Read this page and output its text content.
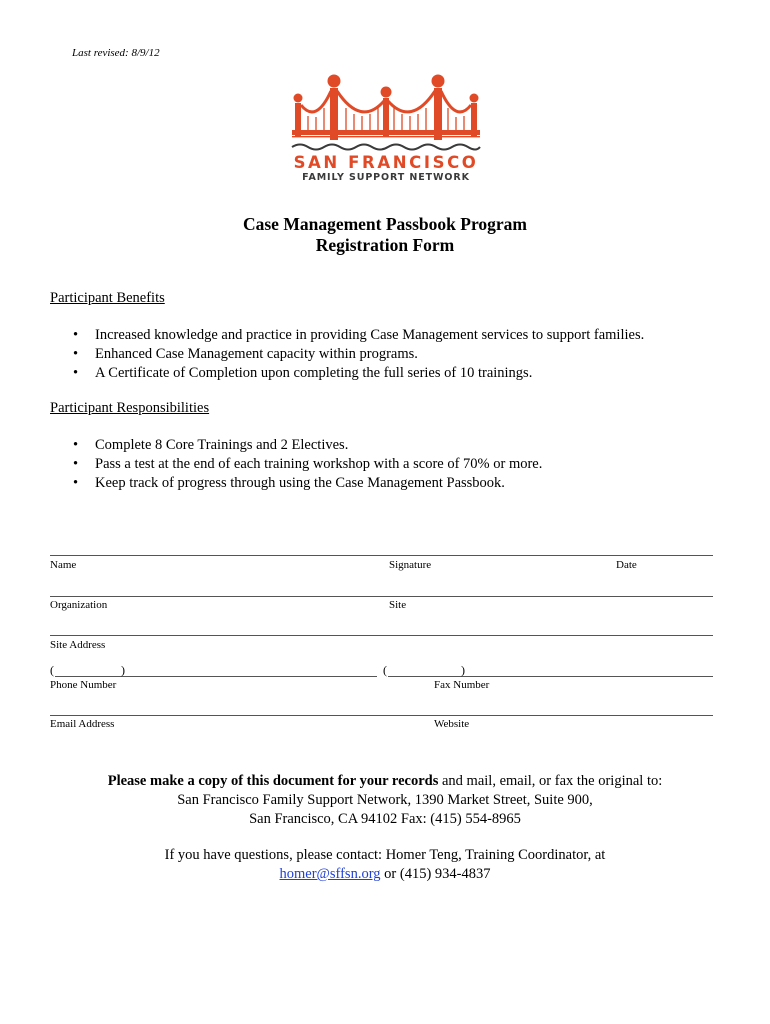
Last revised: 8/9/12
SAN FRANCISCO
FAMILY SUPPORT NETWORK
Case Management Passbook Program
Registration Form
Participant Benefits
• Increased knowledge and practice in providing Case Management services to support families.
• Enhanced Case Management capacity within programs.
• A Certificate of Completion upon completing the full series of 10 trainings.
Participant Responsibilities
• Complete 8 Core Trainings and 2 Electives.
• Pass a test at the end of each training workshop with a score of 70% or more.
• Keep track of progress through using the Case Management Passbook.
Name	Signature	Date
Organization	Site
Site Address
(	)	(	)
Phone Number	Fax Number
Email Address	Website
Please make a copy of this document for your records and mail, email, or fax the original to:
San Francisco Family Support Network, 1390 Market Street, Suite 900,
San Francisco, CA 94102 Fax: (415) 554-8965
If you have questions, please contact: Homer Teng, Training Coordinator, at
homer@sffsn.org or (415) 934-4837
